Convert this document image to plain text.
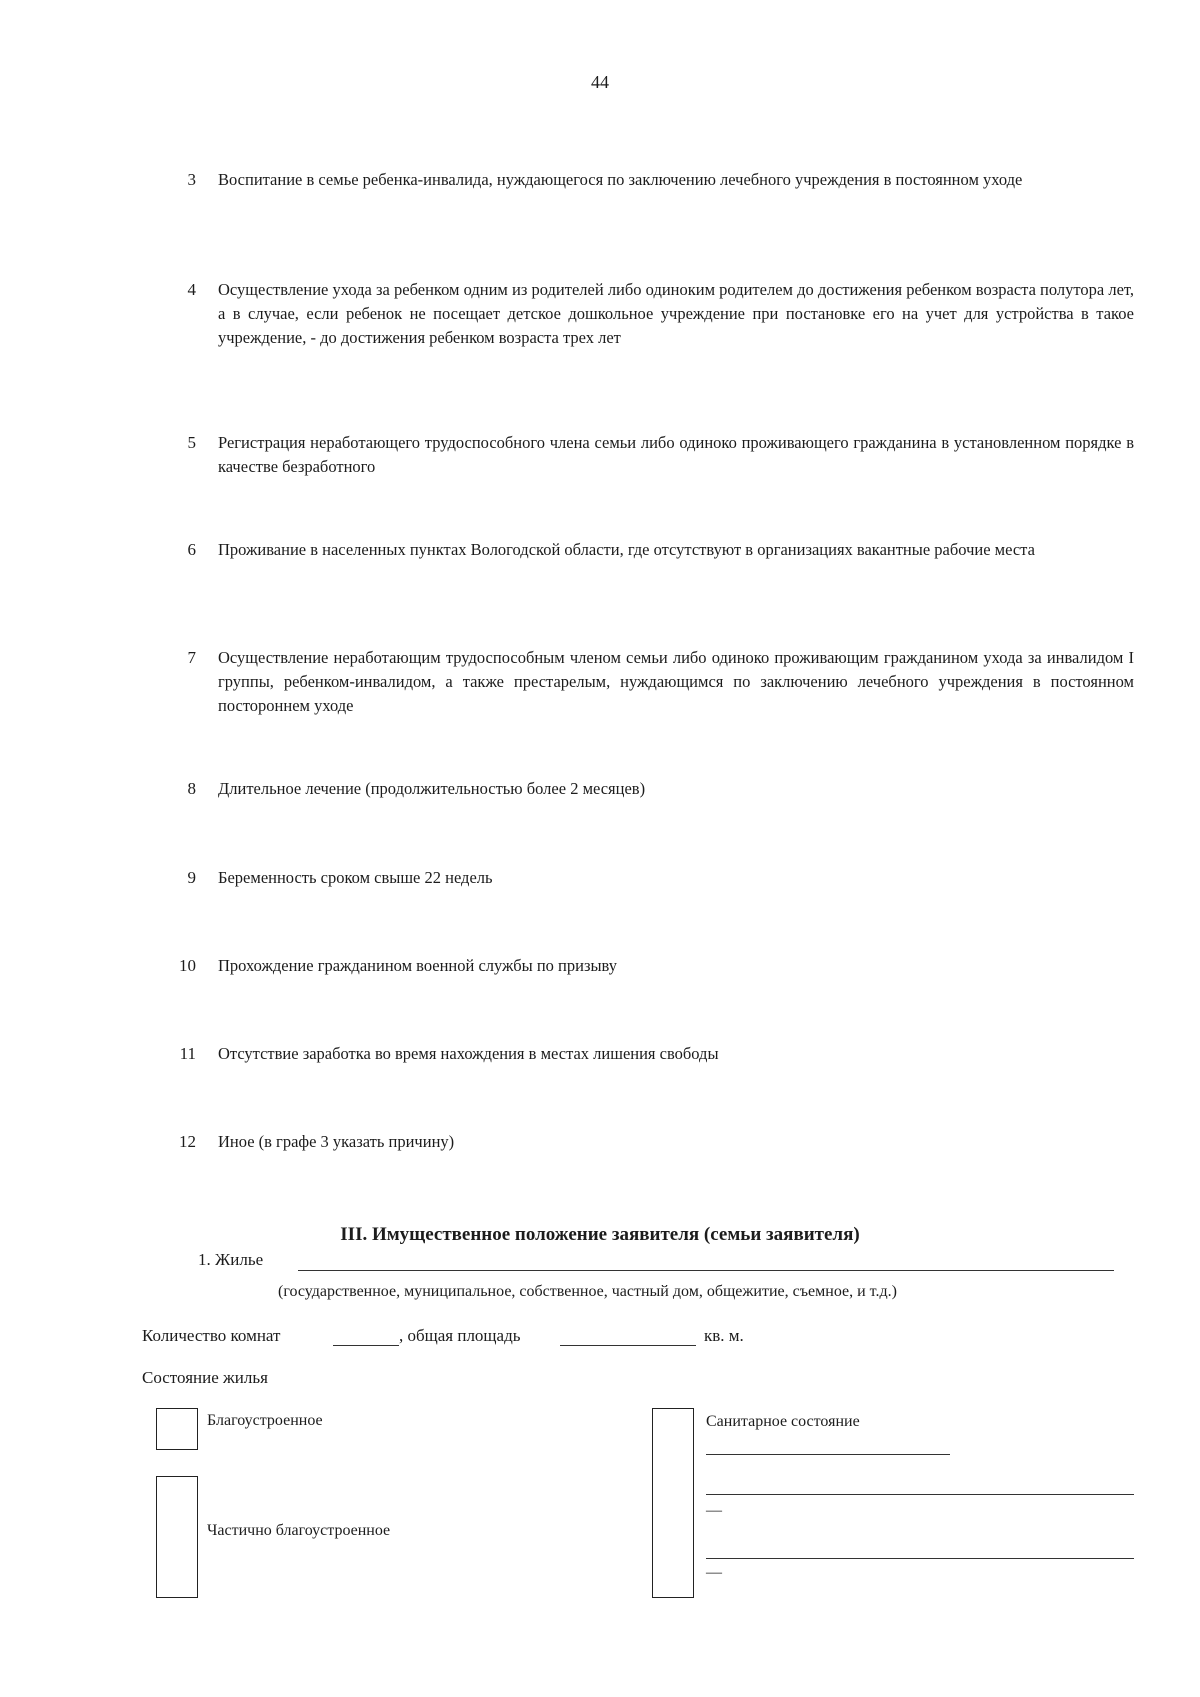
44
3 Воспитание в семье ребенка-инвалида, нуждающегося по заключению лечебного учреждения в постоянном уходе
4 Осуществление ухода за ребенком одним из родителей либо одиноким родителем до достижения ребенком возраста полутора лет, а в случае, если ребенок не посещает детское дошкольное учреждение при постановке его на учет для устройства в такое учреждение, - до достижения ребенком возраста трех лет
5 Регистрация неработающего трудоспособного члена семьи либо одиноко проживающего гражданина в установленном порядке в качестве безработного
6 Проживание в населенных пунктах Вологодской области, где отсутствуют в организациях вакантные рабочие места
7 Осуществление неработающим трудоспособным членом семьи либо одиноко проживающим гражданином ухода за инвалидом I группы, ребенком-инвалидом, а также престарелым, нуждающимся по заключению лечебного учреждения в постоянном постороннем уходе
8 Длительное лечение (продолжительностью более 2 месяцев)
9 Беременность сроком свыше 22 недель
10 Прохождение гражданином военной службы по призыву
11 Отсутствие заработка во время нахождения в местах лишения свободы
12 Иное (в графе 3 указать причину)
III. Имущественное положение заявителя (семьи заявителя)
1. Жилье
(государственное, муниципальное, собственное, частный дом, общежитие, съемное, и т.д.)
Количество комнат	, общая площадь	кв. м.
Состояние жилья
Благоустроенное
Частично благоустроенное
Санитарное состояние
—
—
